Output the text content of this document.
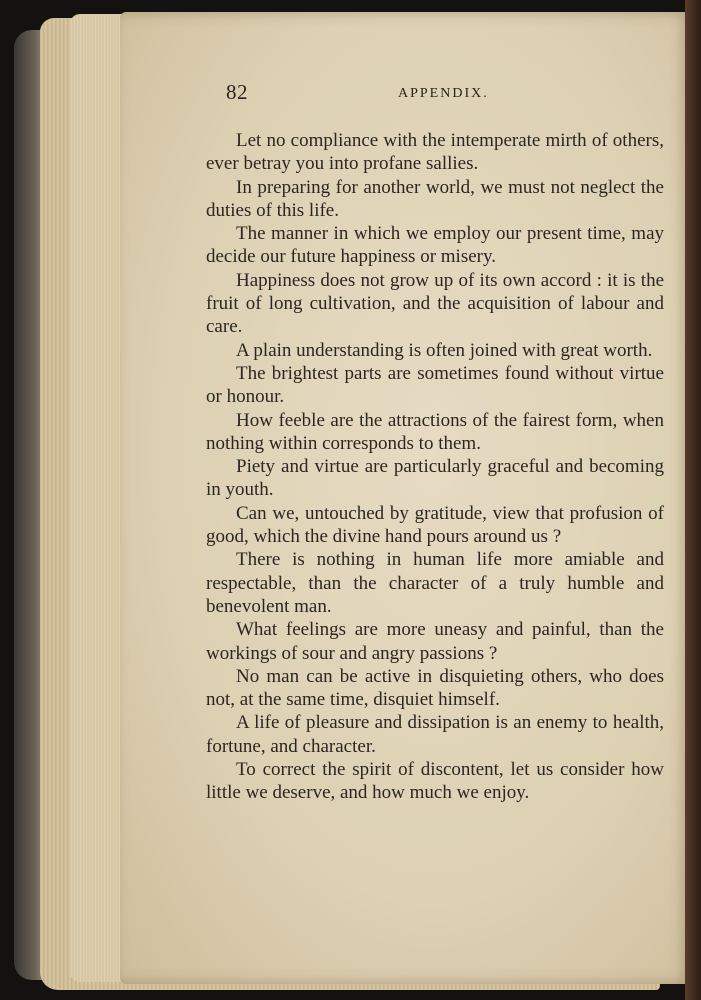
82	APPENDIX.

Let no compliance with the intemperate mirth of others, ever betray you into profane sallies.

In preparing for another world, we must not neglect the duties of this life.

The manner in which we employ our present time, may decide our future happiness or misery.

Happiness does not grow up of its own accord : it is the fruit of long cultivation, and the acquisition of labour and care.

A plain understanding is often joined with great worth.

The brightest parts are sometimes found without virtue or honour.

How feeble are the attractions of the fairest form, when nothing within corresponds to them.

Piety and virtue are particularly graceful and becoming in youth.

Can we, untouched by gratitude, view that profusion of good, which the divine hand pours around us ?

There is nothing in human life more amiable and respectable, than the character of a truly humble and benevolent man.

What feelings are more uneasy and painful, than the workings of sour and angry passions ?

No man can be active in disquieting others, who does not, at the same time, disquiet himself.

A life of pleasure and dissipation is an enemy to health, fortune, and character.

To correct the spirit of discontent, let us consider how little we deserve, and how much we enjoy.
